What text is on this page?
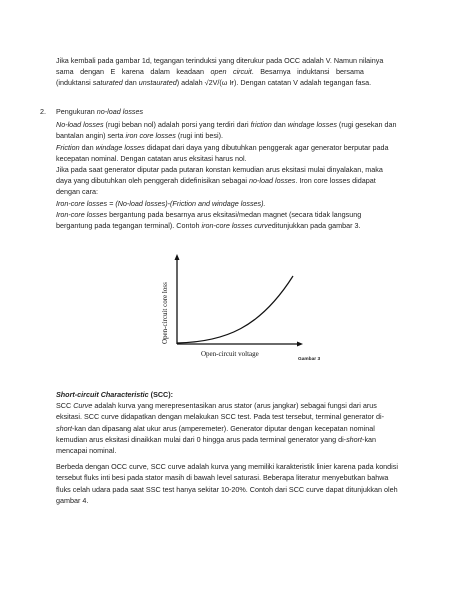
Jika kembali pada gambar 1d, tegangan terinduksi yang diterukur pada OCC adalah V. Namun nilainya
sama dengan E karena dalam keadaan open circuit. Besarnya induktansi bersama
(induktansi saturated dan unstaurated) adalah √2V/(ω Iғ). Dengan catatan V adalah tegangan fasa.
2. Pengukuran no-load losses
No-load losses (rugi beban nol) adalah porsi yang terdiri dari friction dan windage losses (rugi gesekan dan
bantalan angin) serta iron core losses (rugi inti besi).
Friction dan windage losses didapat dari daya yang dibutuhkan penggerak agar generator berputar pada
kecepatan nominal. Dengan catatan arus eksitasi harus nol.
Jika pada saat generator diputar pada putaran konstan kemudian arus eksitasi mulai dinyalakan, maka
daya yang dibutuhkan oleh penggerah didefinisikan sebagai no-load losses. Iron core losses didapat
dengan cara:
Iron-core losses = (No-load losses)-(Friction and windage losses).
Iron-core losses bergantung pada besarnya arus eksitasi/medan magnet (secara tidak langsung
bergantung pada tegangan terminal). Contoh iron-core losses curveditunjukkan pada gambar 3.
Open-circuit core loss
Open-circuit voltage
Gambar 3
Short-circuit Characteristic (SCC):
SCC Curve adalah kurva yang merepresentasikan arus stator (arus jangkar) sebagai fungsi dari arus
eksitasi. SCC curve didapatkan dengan melakukan SCC test. Pada test tersebut, terminal generator di-
short-kan dan dipasang alat ukur arus (amperemeter). Generator diputar dengan kecepatan nominal
kemudian arus eksitasi dinaikkan mulai dari 0 hingga arus pada terminal generator yang di-short-kan
mencapai nominal.
Berbeda dengan OCC curve, SCC curve adalah kurva yang memiliki karakteristik linier karena pada kondisi
tersebut fluks inti besi pada stator masih di bawah level saturasi. Beberapa literatur menyebutkan bahwa
fluks celah udara pada saat SSC test hanya sekitar 10-20%. Contoh dari SCC curve dapat ditunjukkan oleh
gambar 4.
